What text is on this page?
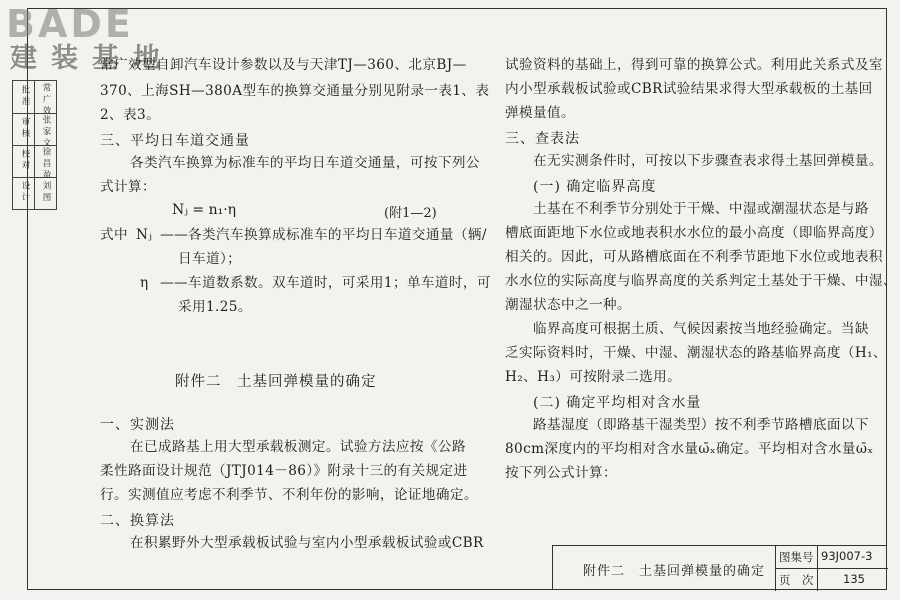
BADE
建装基地
批准
审核
校对
设计
常广效
张家文
徐昌盈
刘图
常广效型自卸汽车设计参数以及与天津TJ—360、北京BJ—
370、上海SH—380A型车的换算交通量分别见附录一表1、表
2、表3。
三、平均日车道交通量
各类汽车换算为标准车的平均日车道交通量，可按下列公
式计算：
Nⱼ = n₁·η	(附1—2)
式中 Nⱼ ——各类汽车换算成标准车的平均日车道交通量（辆/
日车道）；
η ——车道数系数。双车道时，可采用1；单车道时，可
采用1.25。
附件二　土基回弹模量的确定
一、实测法
在已成路基上用大型承载板测定。试验方法应按《公路
柔性路面设计规范（JTJ014－86）》附录十三的有关规定进
行。实测值应考虑不利季节、不利年份的影响，论证地确定。
二、换算法
在积累野外大型承载板试验与室内小型承载板试验或CBR
试验资料的基础上，得到可靠的换算公式。利用此关系式及室
内小型承载板试验或CBR试验结果求得大型承载板的土基回
弹模量值。
三、查表法
在无实测条件时，可按以下步骤查表求得土基回弹模量。
(一) 确定临界高度
土基在不利季节分别处于干燥、中湿或潮湿状态是与路
槽底面距地下水位或地表积水水位的最小高度（即临界高度）
相关的。因此，可从路槽底面在不利季节距地下水位或地表积
水水位的实际高度与临界高度的关系判定土基处于干燥、中湿、
潮湿状态中之一种。
临界高度可根据土质、气候因素按当地经验确定。当缺
乏实际资料时，干燥、中湿、潮湿状态的路基临界高度（H₁、
H₂、H₃）可按附录二选用。
(二) 确定平均相对含水量
路基湿度（即路基干湿类型）按不利季节路槽底面以下
80cm深度内的平均相对含水量ω̄ₓ确定。平均相对含水量ω̄ₓ
按下列公式计算：
附件二　土基回弹模量的确定
图集号 93J007-3
页　次	135
